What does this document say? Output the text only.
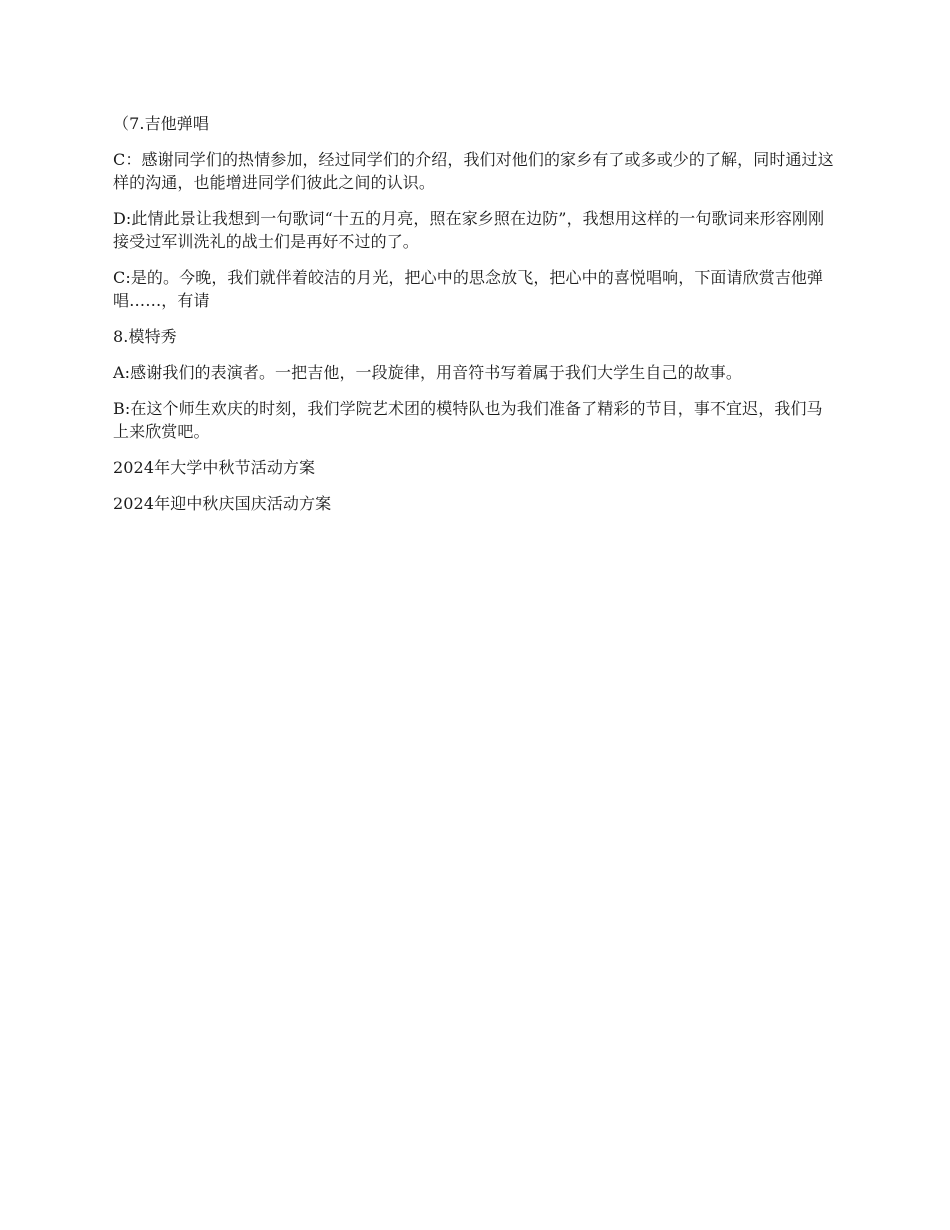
（7.吉他弹唱

C：感谢同学们的热情参加，经过同学们的介绍，我们对他们的家乡有了或多或少的了解，同时通过这样的沟通，也能增进同学们彼此之间的认识。

D:此情此景让我想到一句歌词“十五的月亮，照在家乡照在边防”，我想用这样的一句歌词来形容刚刚接受过军训洗礼的战士们是再好不过的了。

C:是的。今晚，我们就伴着皎洁的月光，把心中的思念放飞，把心中的喜悦唱响，下面请欣赏吉他弹唱……，有请

8.模特秀

A:感谢我们的表演者。一把吉他，一段旋律，用音符书写着属于我们大学生自己的故事。

B:在这个师生欢庆的时刻，我们学院艺术团的模特队也为我们准备了精彩的节目，事不宜迟，我们马上来欣赏吧。

2024年大学中秋节活动方案

2024年迎中秋庆国庆活动方案
